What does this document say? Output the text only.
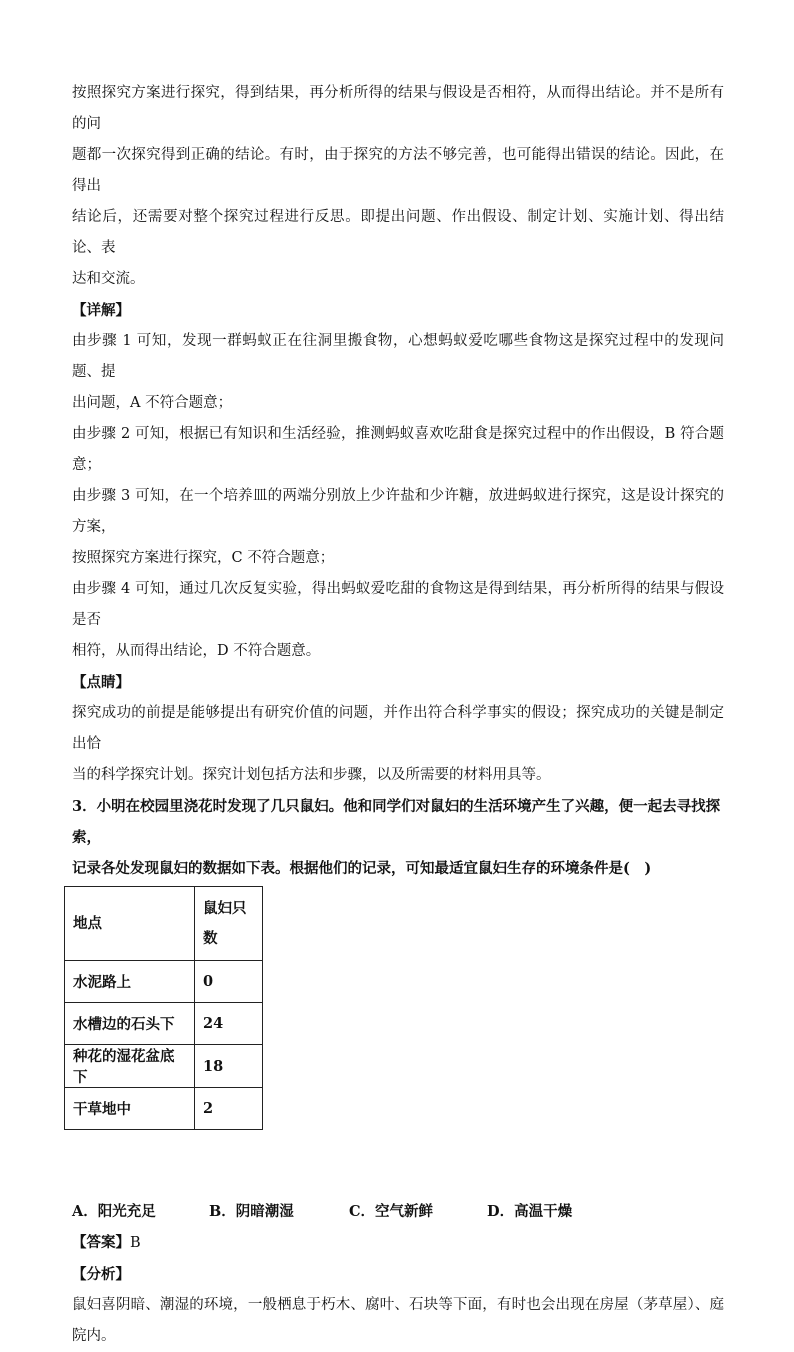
按照探究方案进行探究，得到结果，再分析所得的结果与假设是否相符，从而得出结论。并不是所有的问

题都一次探究得到正确的结论。有时，由于探究的方法不够完善，也可能得出错误的结论。因此，在得出

结论后，还需要对整个探究过程进行反思。即提出问题、作出假设、制定计划、实施计划、得出结论、表

达和交流。

【详解】

由步骤 1 可知，发现一群蚂蚁正在往洞里搬食物，心想蚂蚁爱吃哪些食物这是探究过程中的发现问题、提

出问题，A 不符合题意；

由步骤 2 可知，根据已有知识和生活经验，推测蚂蚁喜欢吃甜食是探究过程中的作出假设，B 符合题意；

由步骤 3 可知，在一个培养皿的两端分别放上少许盐和少许糖，放进蚂蚁进行探究，这是设计探究的方案，

按照探究方案进行探究，C 不符合题意；

由步骤 4 可知，通过几次反复实验，得出蚂蚁爱吃甜的食物这是得到结果，再分析所得的结果与假设是否

相符，从而得出结论，D 不符合题意。

【点睛】

探究成功的前提是能够提出有研究价值的问题，并作出符合科学事实的假设；探究成功的关键是制定出恰

当的科学探究计划。探究计划包括方法和步骤，以及所需要的材料用具等。

3．小明在校园里浇花时发现了几只鼠妇。他和同学们对鼠妇的生活环境产生了兴趣，便一起去寻找探索，

记录各处发现鼠妇的数据如下表。根据他们的记录，可知最适宜鼠妇生存的环境条件是(　)

地点	鼠妇只
数
水泥路上	0
水槽边的石头下	24
种花的湿花盆底下	18
干草地中	2
A．阳光充足	B．阴暗潮湿	C．空气新鲜	D．高温干燥

【答案】B

【分析】

鼠妇喜阴暗、潮湿的环境，一般栖息于朽木、腐叶、石块等下面，有时也会出现在房屋（茅草屋）、庭院内。
